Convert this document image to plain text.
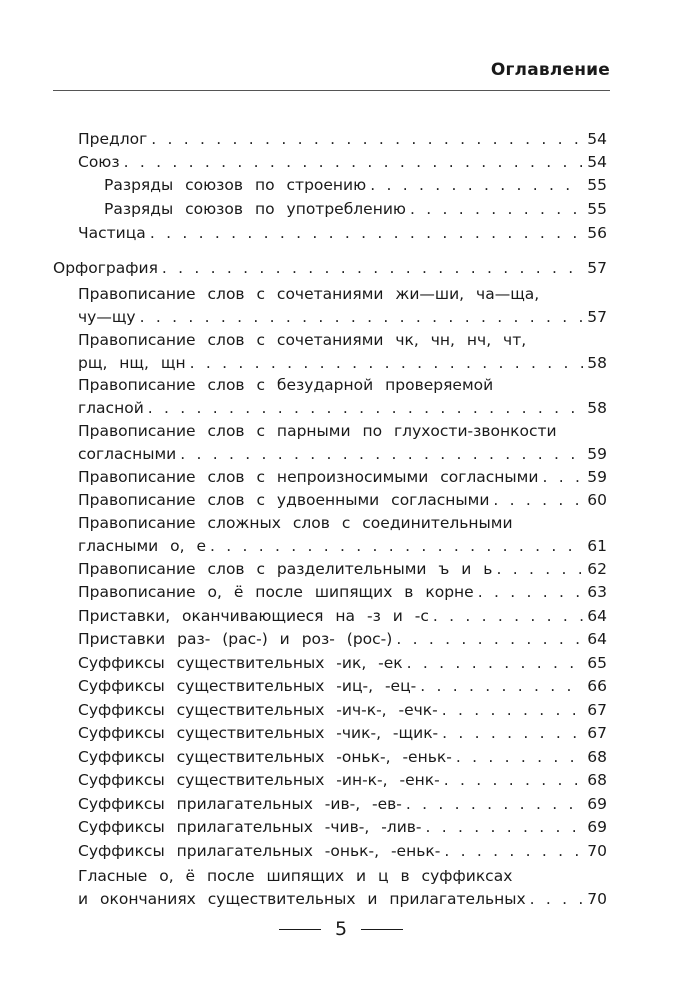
Оглавление
Предлог . . .	54
Союз . . .	54
Разряды союзов по строению . . .	55
Разряды союзов по употреблению . . .	55
Частица . . .	56
Орфография . . .	57
Правописание слов с сочетаниями жи—ши, ча—ща,
чу—щу . . .	57
Правописание слов с сочетаниями чк, чн, нч, чт,
рщ, нщ, щн . . .	58
Правописание слов с безударной проверяемой
гласной . . .	58
Правописание слов с парными по глухости-звонкости
согласными . . .	59
Правописание слов с непроизносимыми согласными . . .	59
Правописание слов с удвоенными согласными . . .	60
Правописание сложных слов с соединительными
гласными о, е . . .	61
Правописание слов с разделительными ъ и ь . . .	62
Правописание о, ё после шипящих в корне . . .	63
Приставки, оканчивающиеся на -з и -с . . .	64
Приставки раз- (рас-) и роз- (рос-) . . .	64
Суффиксы существительных -ик, -ек . . .	65
Суффиксы существительных -иц-, -ец- . . .	66
Суффиксы существительных -ич-к-, -ечк- . . .	67
Суффиксы существительных -чик-, -щик- . . .	67
Суффиксы существительных -оньк-, -еньк- . . .	68
Суффиксы существительных -ин-к-, -енк- . . .	68
Суффиксы прилагательных -ив-, -ев- . . .	69
Суффиксы прилагательных -чив-, -лив- . . .	69
Суффиксы прилагательных -оньк-, -еньк- . . .	70
Гласные о, ё после шипящих и ц в суффиксах
и окончаниях существительных и прилагательных . . .	70
5
